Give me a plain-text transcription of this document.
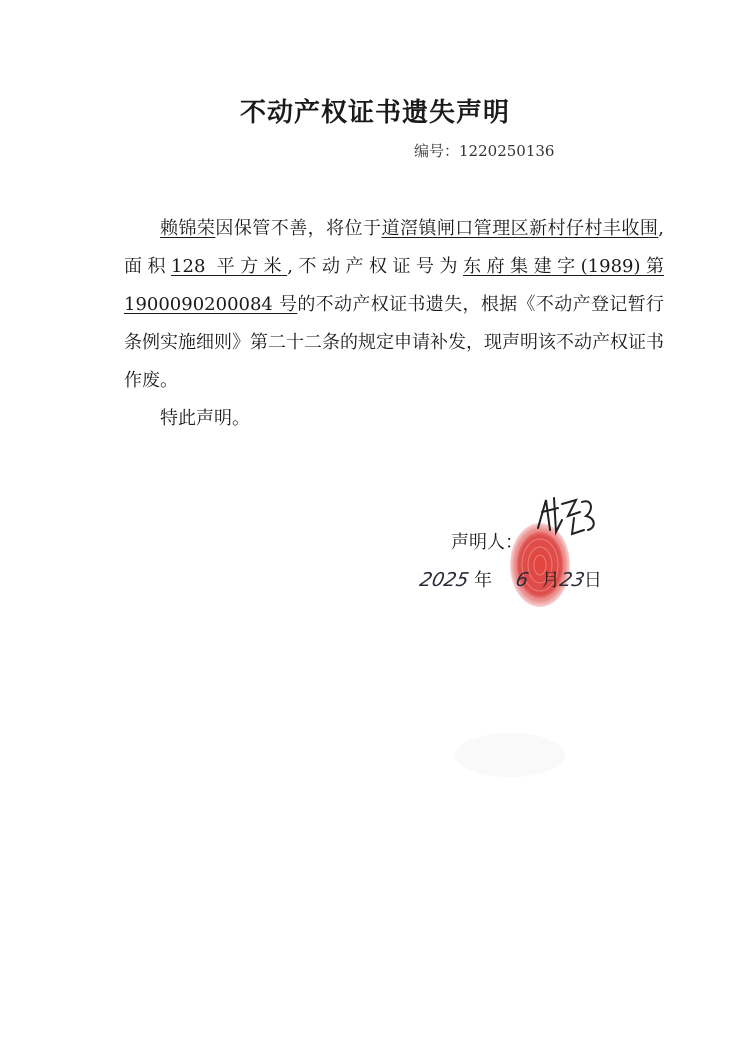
不动产权证书遗失声明
编号：1220250136

赖锦荣因保管不善，将位于道滘镇闸口管理区新村仔村丰收围,面积128 平方米,不动产权证号为东府集建字(1989)第 1900090200084 号的不动产权证书遗失，根据《不动产登记暂行条例实施细则》第二十二条的规定申请补发，现声明该不动产权证书作废。

特此声明。

声明人：
2025 年 6 月23日
